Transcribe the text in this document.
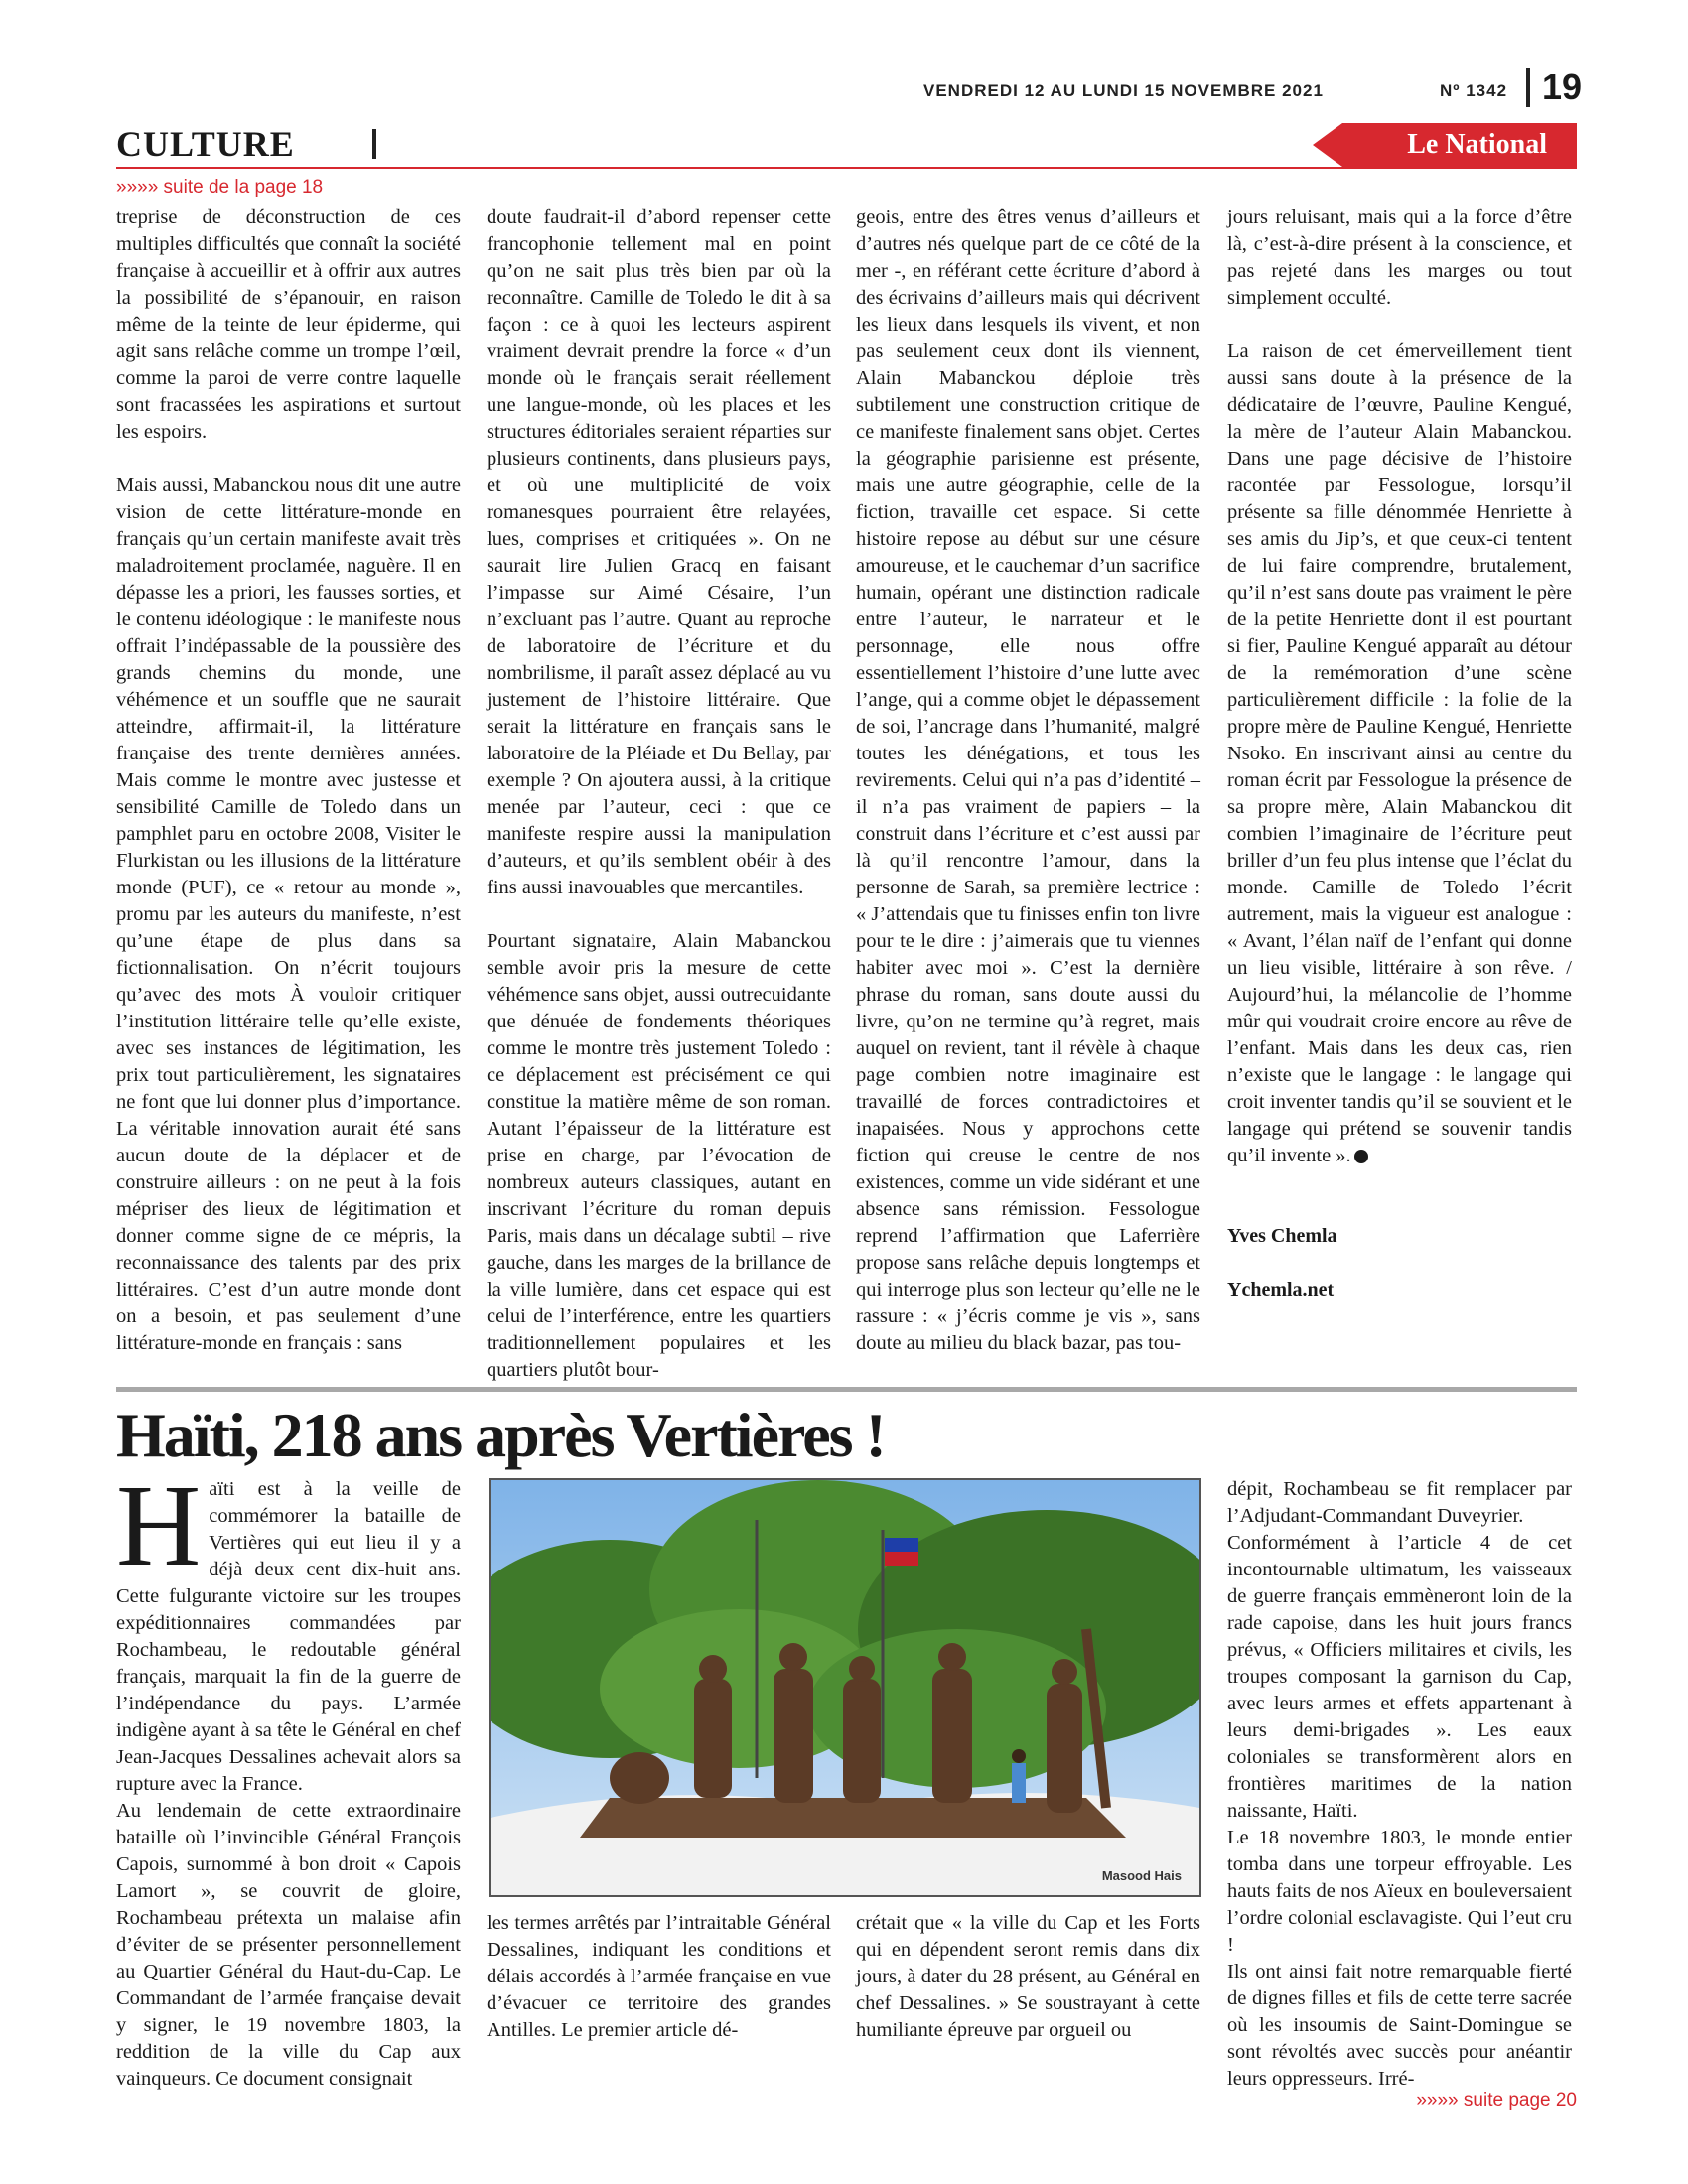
VENDREDI 12 AU LUNDI 15 NOVEMBRE 2021	Nº 1342 19
CULTURE	Le National
»»»» suite de la page 18

treprise de déconstruction de ces multiples difficultés que connaît la société française à accueillir et à offrir aux autres la possibilité de s’épanouir, en raison même de la teinte de leur épiderme, qui agit sans relâche comme un trompe l’œil, comme la paroi de verre contre laquelle sont fracassées les aspirations et surtout les espoirs.

Mais aussi, Mabanckou nous dit une autre vision de cette littérature-monde en français qu’un certain manifeste avait très maladroitement proclamée, naguère. Il en dépasse les a priori, les fausses sorties, et le contenu idéologique : le manifeste nous offrait l’indépassable de la poussière des grands chemins du monde, une véhémence et un souffle que ne saurait atteindre, affirmait-il, la littérature française des trente dernières années. Mais comme le montre avec justesse et sensibilité Camille de Toledo dans un pamphlet paru en octobre 2008, Visiter le Flurkistan ou les illusions de la littérature monde (PUF), ce « retour au monde », promu par les auteurs du manifeste, n’est qu’une étape de plus dans sa fictionnalisation. On n’écrit toujours qu’avec des mots À vouloir critiquer l’institution littéraire telle qu’elle existe, avec ses instances de légitimation, les prix tout particulièrement, les signataires ne font que lui donner plus d’importance. La véritable innovation aurait été sans aucun doute de la déplacer et de construire ailleurs : on ne peut à la fois mépriser des lieux de légitimation et donner comme signe de ce mépris, la reconnaissance des talents par des prix littéraires. C’est d’un autre monde dont on a besoin, et pas seulement d’une littérature-monde en français : sans

doute faudrait-il d’abord repenser cette francophonie tellement mal en point qu’on ne sait plus très bien par où la reconnaître. Camille de Toledo le dit à sa façon : ce à quoi les lecteurs aspirent vraiment devrait prendre la force « d’un monde où le français serait réellement une langue-monde, où les places et les structures éditoriales seraient réparties sur plusieurs continents, dans plusieurs pays, et où une multiplicité de voix romanesques pourraient être relayées, lues, comprises et critiquées ». On ne saurait lire Julien Gracq en faisant l’impasse sur Aimé Césaire, l’un n’excluant pas l’autre. Quant au reproche de laboratoire de l’écriture et du nombrilisme, il paraît assez déplacé au vu justement de l’histoire littéraire. Que serait la littérature en français sans le laboratoire de la Pléiade et Du Bellay, par exemple ? On ajoutera aussi, à la critique menée par l’auteur, ceci : que ce manifeste respire aussi la manipulation d’auteurs, et qu’ils semblent obéir à des fins aussi inavouables que mercantiles.

Pourtant signataire, Alain Mabanckou semble avoir pris la mesure de cette véhémence sans objet, aussi outrecuidante que dénuée de fondements théoriques comme le montre très justement Toledo : ce déplacement est précisément ce qui constitue la matière même de son roman. Autant l’épaisseur de la littérature est prise en charge, par l’évocation de nombreux auteurs classiques, autant en inscrivant l’écriture du roman depuis Paris, mais dans un décalage subtil – rive gauche, dans les marges de la brillance de la ville lumière, dans cet espace qui est celui de l’interférence, entre les quartiers traditionnellement populaires et les quartiers plutôt bour-

geois, entre des êtres venus d’ailleurs et d’autres nés quelque part de ce côté de la mer -, en référant cette écriture d’abord à des écrivains d’ailleurs mais qui décrivent les lieux dans lesquels ils vivent, et non pas seulement ceux dont ils viennent, Alain Mabanckou déploie très subtilement une construction critique de ce manifeste finalement sans objet. Certes la géographie parisienne est présente, mais une autre géographie, celle de la fiction, travaille cet espace. Si cette histoire repose au début sur une césure amoureuse, et le cauchemar d’un sacrifice humain, opérant une distinction radicale entre l’auteur, le narrateur et le personnage, elle nous offre essentiellement l’histoire d’une lutte avec l’ange, qui a comme objet le dépassement de soi, l’ancrage dans l’humanité, malgré toutes les dénégations, et tous les revirements. Celui qui n’a pas d’identité – il n’a pas vraiment de papiers – la construit dans l’écriture et c’est aussi par là qu’il rencontre l’amour, dans la personne de Sarah, sa première lectrice : « J’attendais que tu finisses enfin ton livre pour te le dire : j’aimerais que tu viennes habiter avec moi ». C’est la dernière phrase du roman, sans doute aussi du livre, qu’on ne termine qu’à regret, mais auquel on revient, tant il révèle à chaque page combien notre imaginaire est travaillé de forces contradictoires et inapaisées. Nous y approchons cette fiction qui creuse le centre de nos existences, comme un vide sidérant et une absence sans rémission. Fessologue reprend l’affirmation que Laferrière propose sans relâche depuis longtemps et qui interroge plus son lecteur qu’elle ne le rassure : « j’écris comme je vis », sans doute au milieu du black bazar, pas tou-

jours reluisant, mais qui a la force d’être là, c’est-à-dire présent à la conscience, et pas rejeté dans les marges ou tout simplement occulté.

La raison de cet émerveillement tient aussi sans doute à la présence de la dédicataire de l’œuvre, Pauline Kengué, la mère de l’auteur Alain Mabanckou. Dans une page décisive de l’histoire racontée par Fessologue, lorsqu’il présente sa fille dénommée Henriette à ses amis du Jip’s, et que ceux-ci tentent de lui faire comprendre, brutalement, qu’il n’est sans doute pas vraiment le père de la petite Henriette dont il est pourtant si fier, Pauline Kengué apparaît au détour de la remémoration d’une scène particulièrement difficile : la folie de la propre mère de Pauline Kengué, Henriette Nsoko. En inscrivant ainsi au centre du roman écrit par Fessologue la présence de sa propre mère, Alain Mabanckou dit combien l’imaginaire de l’écriture peut briller d’un feu plus intense que l’éclat du monde. Camille de Toledo l’écrit autrement, mais la vigueur est analogue : « Avant, l’élan naïf de l’enfant qui donne un lieu visible, littéraire à son rêve. / Aujourd’hui, la mélancolie de l’homme mûr qui voudrait croire encore au rêve de l’enfant. Mais dans les deux cas, rien n’existe que le langage : le langage qui croit inventer tandis qu’il se souvient et le langage qui prétend se souvenir tandis qu’il invente ».

Yves Chemla

Ychemla.net

Haïti, 218 ans après Vertières !

Haïti est à la veille de commémorer la bataille de Vertières qui eut lieu il y a déjà deux cent dix-huit ans. Cette fulgurante victoire sur les troupes expéditionnaires commandées par Rochambeau, le redoutable général français, marquait la fin de la guerre de l’indépendance du pays. L’armée indigène ayant à sa tête le Général en chef Jean-Jacques Dessalines achevait alors sa rupture avec la France.

Au lendemain de cette extraordinaire bataille où l’invincible Général François Capois, surnommé à bon droit « Capois Lamort », se couvrit de gloire, Rochambeau prétexta un malaise afin d’éviter de se présenter personnellement au Quartier Général du Haut-du-Cap. Le Commandant de l’armée française devait y signer, le 19 novembre 1803, la reddition de la ville du Cap aux vainqueurs. Ce document consignait

Masood Hais

les termes arrêtés par l’intraitable Général Dessalines, indiquant les conditions et délais accordés à l’armée française en vue d’évacuer ce territoire des grandes Antilles. Le premier article dé-

crétait que « la ville du Cap et les Forts qui en dépendent seront remis dans dix jours, à dater du 28 présent, au Général en chef Dessalines. » Se soustrayant à cette humiliante épreuve par orgueil ou

dépit, Rochambeau se fit remplacer par l’Adjudant-Commandant Duveyrier.

Conformément à l’article 4 de cet incontournable ultimatum, les vaisseaux de guerre français emmèneront loin de la rade capoise, dans les huit jours francs prévus, « Officiers militaires et civils, les troupes composant la garnison du Cap, avec leurs armes et effets appartenant à leurs demi-brigades ». Les eaux coloniales se transformèrent alors en frontières maritimes de la nation naissante, Haïti.

Le 18 novembre 1803, le monde entier tomba dans une torpeur effroyable. Les hauts faits de nos Aïeux en bouleversaient l’ordre colonial esclavagiste. Qui l’eut cru !

Ils ont ainsi fait notre remarquable fierté de dignes filles et fils de cette terre sacrée où les insoumis de Saint-Domingue se sont révoltés avec succès pour anéantir leurs oppresseurs. Irré-

»»»» suite page 20
